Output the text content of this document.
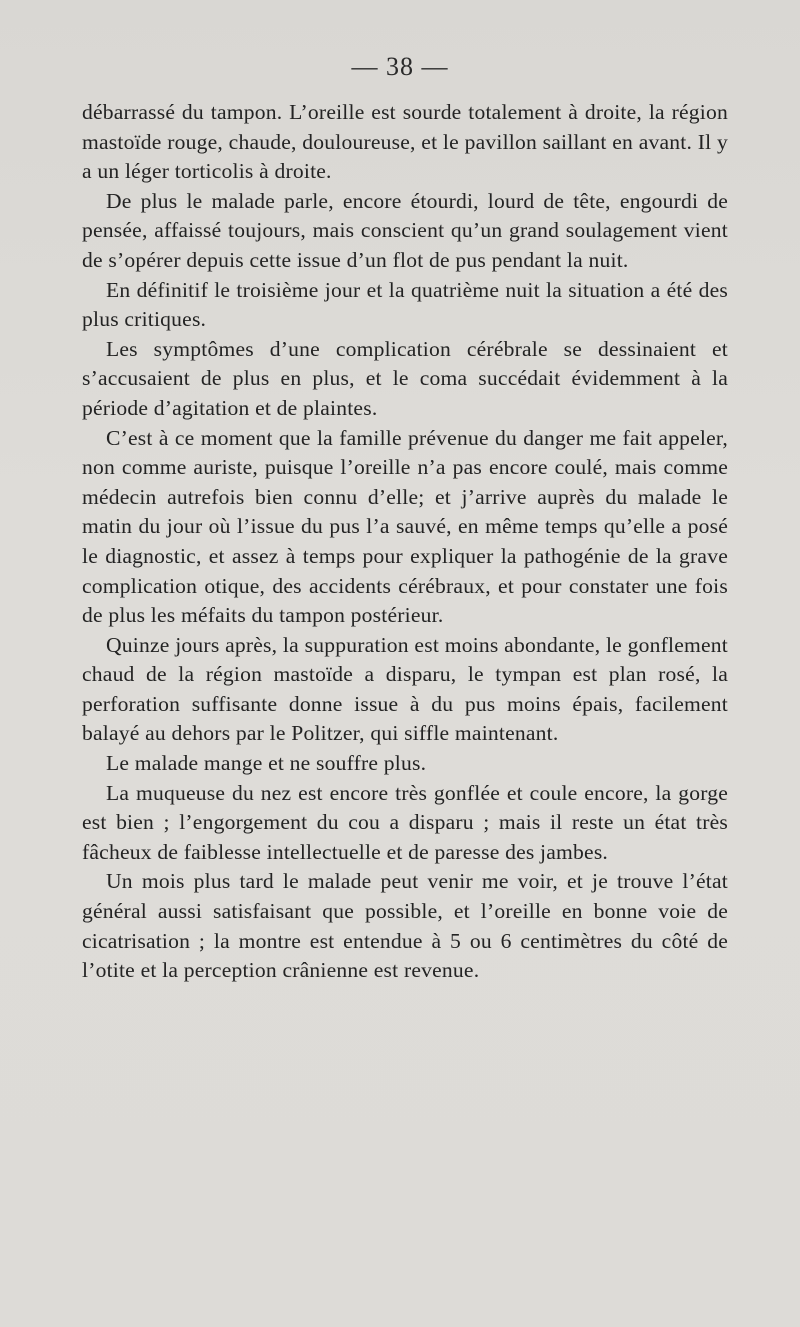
— 38 —

débarrassé du tampon. L’oreille est sourde totalement à droite, la région mastoïde rouge, chaude, douloureuse, et le pavillon saillant en avant. Il y a un léger torticolis à droite.

De plus le malade parle, encore étourdi, lourd de tête, engourdi de pensée, affaissé toujours, mais conscient qu’un grand soulagement vient de s’opérer depuis cette issue d’un flot de pus pendant la nuit.

En définitif le troisième jour et la quatrième nuit la situation a été des plus critiques.

Les symptômes d’une complication cérébrale se dessinaient et s’accusaient de plus en plus, et le coma succédait évidemment à la période d’agitation et de plaintes.

C’est à ce moment que la famille prévenue du danger me fait appeler, non comme auriste, puisque l’oreille n’a pas encore coulé, mais comme médecin autrefois bien connu d’elle; et j’arrive auprès du malade le matin du jour où l’issue du pus l’a sauvé, en même temps qu’elle a posé le diagnostic, et assez à temps pour expliquer la pathogénie de la grave complication otique, des accidents cérébraux, et pour constater une fois de plus les méfaits du tampon postérieur.

Quinze jours après, la suppuration est moins abondante, le gonflement chaud de la région mastoïde a disparu, le tympan est plan rosé, la perforation suffisante donne issue à du pus moins épais, facilement balayé au dehors par le Politzer, qui siffle maintenant.

Le malade mange et ne souffre plus.

La muqueuse du nez est encore très gonflée et coule encore, la gorge est bien ; l’engorgement du cou a disparu ; mais il reste un état très fâcheux de faiblesse intellectuelle et de paresse des jambes.

Un mois plus tard le malade peut venir me voir, et je trouve l’état général aussi satisfaisant que possible, et l’oreille en bonne voie de cicatrisation ; la montre est entendue à 5 ou 6 centimètres du côté de l’otite et la perception crânienne est revenue.
